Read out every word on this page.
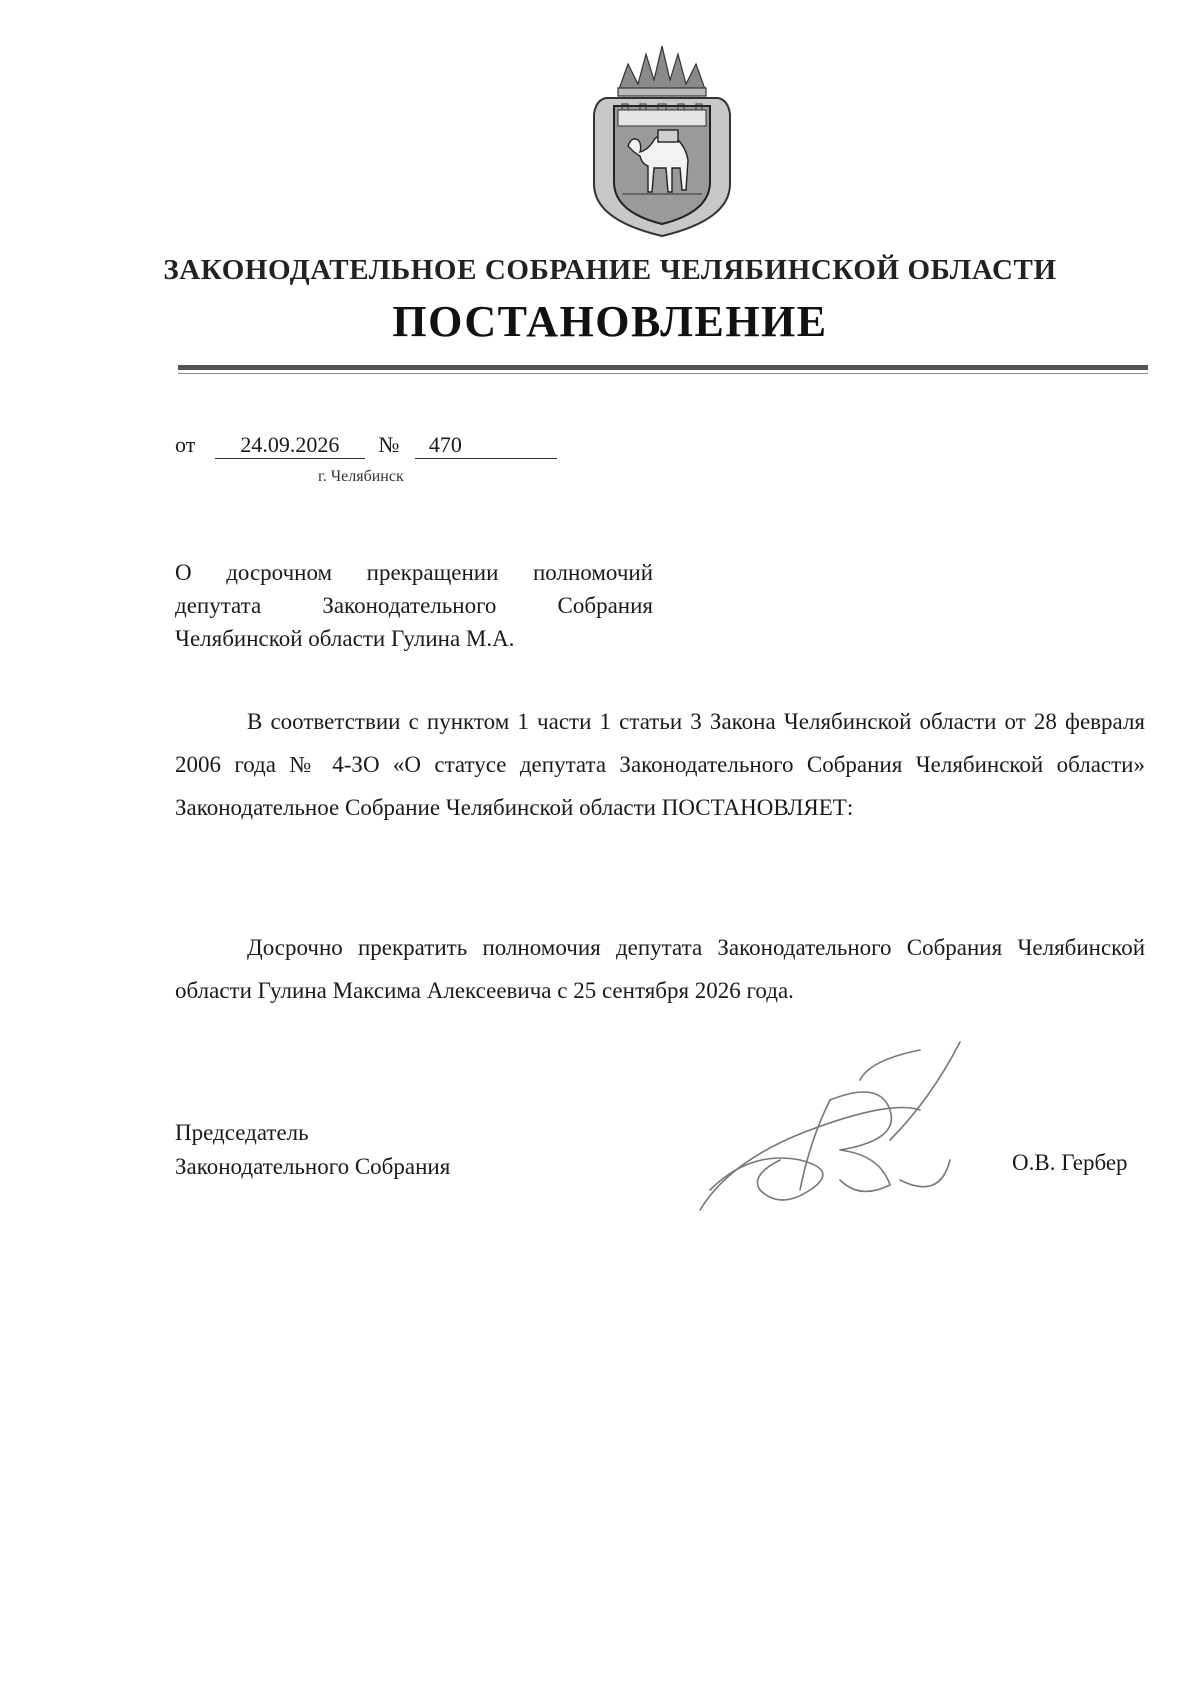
ЗАКОНОДАТЕЛЬНОЕ СОБРАНИЕ ЧЕЛЯБИНСКОЙ ОБЛАСТИ
ПОСТАНОВЛЕНИЕ
от 24.09.2026 № 470
г. Челябинск
О досрочном прекращении полномочий депутата Законодательного Собрания Челябинской области Гулина М.А.
В соответствии с пунктом 1 части 1 статьи 3 Закона Челябинской области от 28 февраля 2006 года № 4-ЗО «О статусе депутата Законодательного Собрания Челябинской области» Законодательное Собрание Челябинской области ПОСТАНОВЛЯЕТ:
Досрочно прекратить полномочия депутата Законодательного Собрания Челябинской области Гулина Максима Алексеевича с 25 сентября 2026 года.
Председатель
Законодательного Собрания	О.В. Гербер
